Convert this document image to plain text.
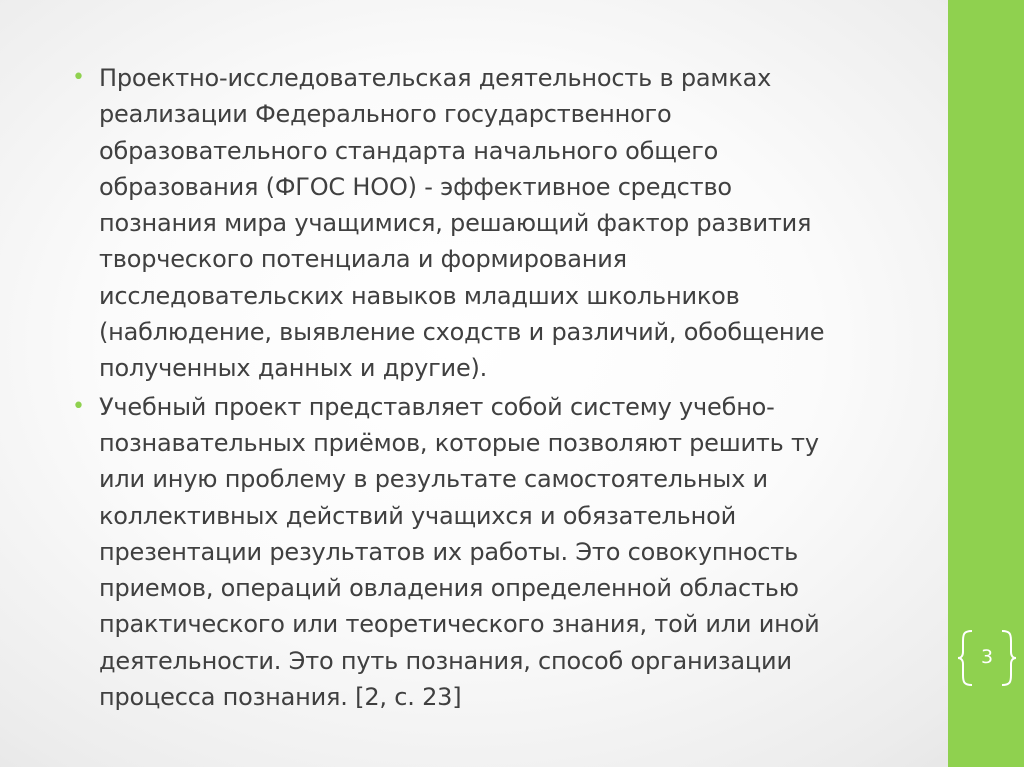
• Проектно-исследовательская деятельность в рамках
реализации Федерального государственного
образовательного стандарта начального общего
образования (ФГОС НОО) - эффективное средство
познания мира учащимися, решающий фактор развития
творческого потенциала и формирования
исследовательских навыков младших школьников
(наблюдение, выявление сходств и различий, обобщение
полученных данных и другие).
• Учебный проект представляет собой систему учебно-
познавательных приёмов, которые позволяют решить ту
или иную проблему в результате самостоятельных и
коллективных действий учащихся и обязательной
презентации результатов их работы. Это совокупность
приемов, операций овладения определенной областью
практического или теоретического знания, той или иной
деятельности. Это путь познания, способ организации
процесса познания. [2, с. 23]
3
